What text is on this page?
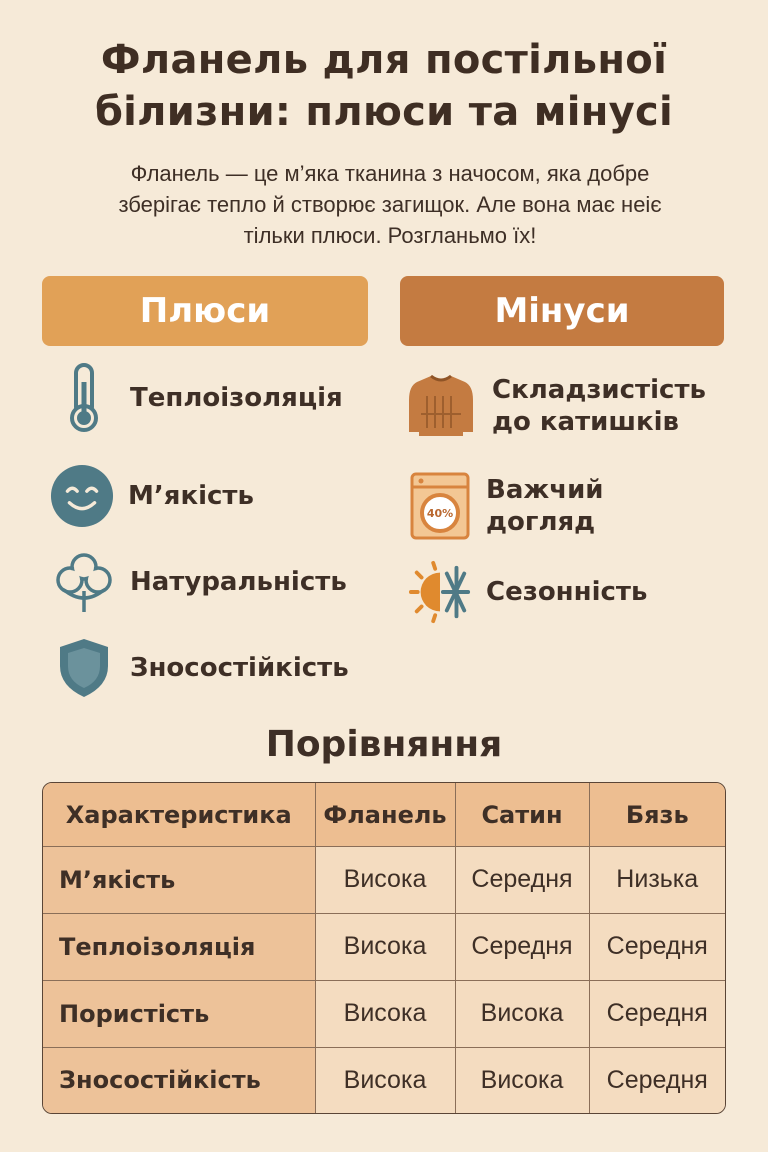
Фланель для постільної
білизни: плюси та мінусі
Фланель — це м’яка тканина з начосом, яка добре
зберігає тепло й створює загищок. Але вона має неіє
тільки плюси. Розгланьмо їх!
Плюси	Мінуси
Теплоізоляція
М’якість
Натуральність
Зносостійкість
Складзистість
до катишків
40%
Важчий
догляд
Сезонність
Порівняння
Характеристика	Фланель	Сатин	Бязь
М’якість	Висока	Середня	Низька
Теплоізоляція	Висока	Середня	Середня
Пористість	Висока	Висока	Середня
Зносостійкість	Висока	Висока	Середня
